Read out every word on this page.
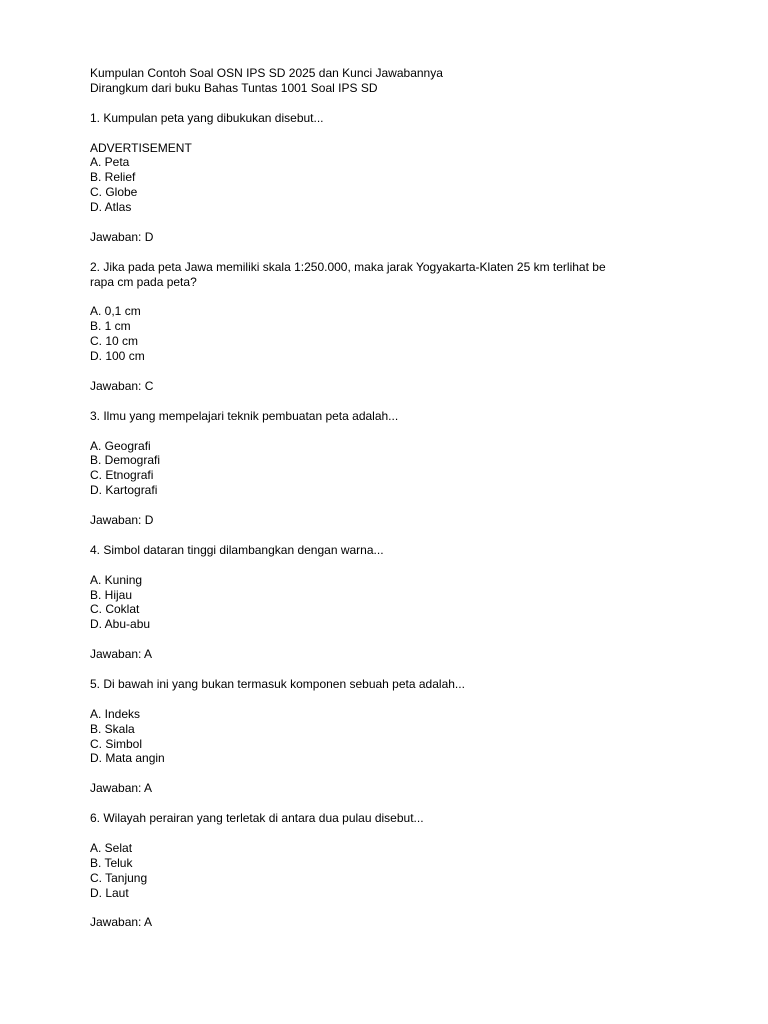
Kumpulan Contoh Soal OSN IPS SD 2025 dan Kunci Jawabannya
Dirangkum dari buku Bahas Tuntas 1001 Soal IPS SD
1. Kumpulan peta yang dibukukan disebut...
ADVERTISEMENT
A. Peta
B. Relief
C. Globe
D. Atlas
Jawaban: D
2. Jika pada peta Jawa memiliki skala 1:250.000, maka jarak Yogyakarta-Klaten 25 km terlihat be
rapa cm pada peta?
A. 0,1 cm
B. 1 cm
C. 10 cm
D. 100 cm
Jawaban: C
3. Ilmu yang mempelajari teknik pembuatan peta adalah...
A. Geografi
B. Demografi
C. Etnografi
D. Kartografi
Jawaban: D
4. Simbol dataran tinggi dilambangkan dengan warna...
A. Kuning
B. Hijau
C. Coklat
D. Abu-abu
Jawaban: A
5. Di bawah ini yang bukan termasuk komponen sebuah peta adalah...
A. Indeks
B. Skala
C. Simbol
D. Mata angin
Jawaban: A
6. Wilayah perairan yang terletak di antara dua pulau disebut...
A. Selat
B. Teluk
C. Tanjung
D. Laut
Jawaban: A
